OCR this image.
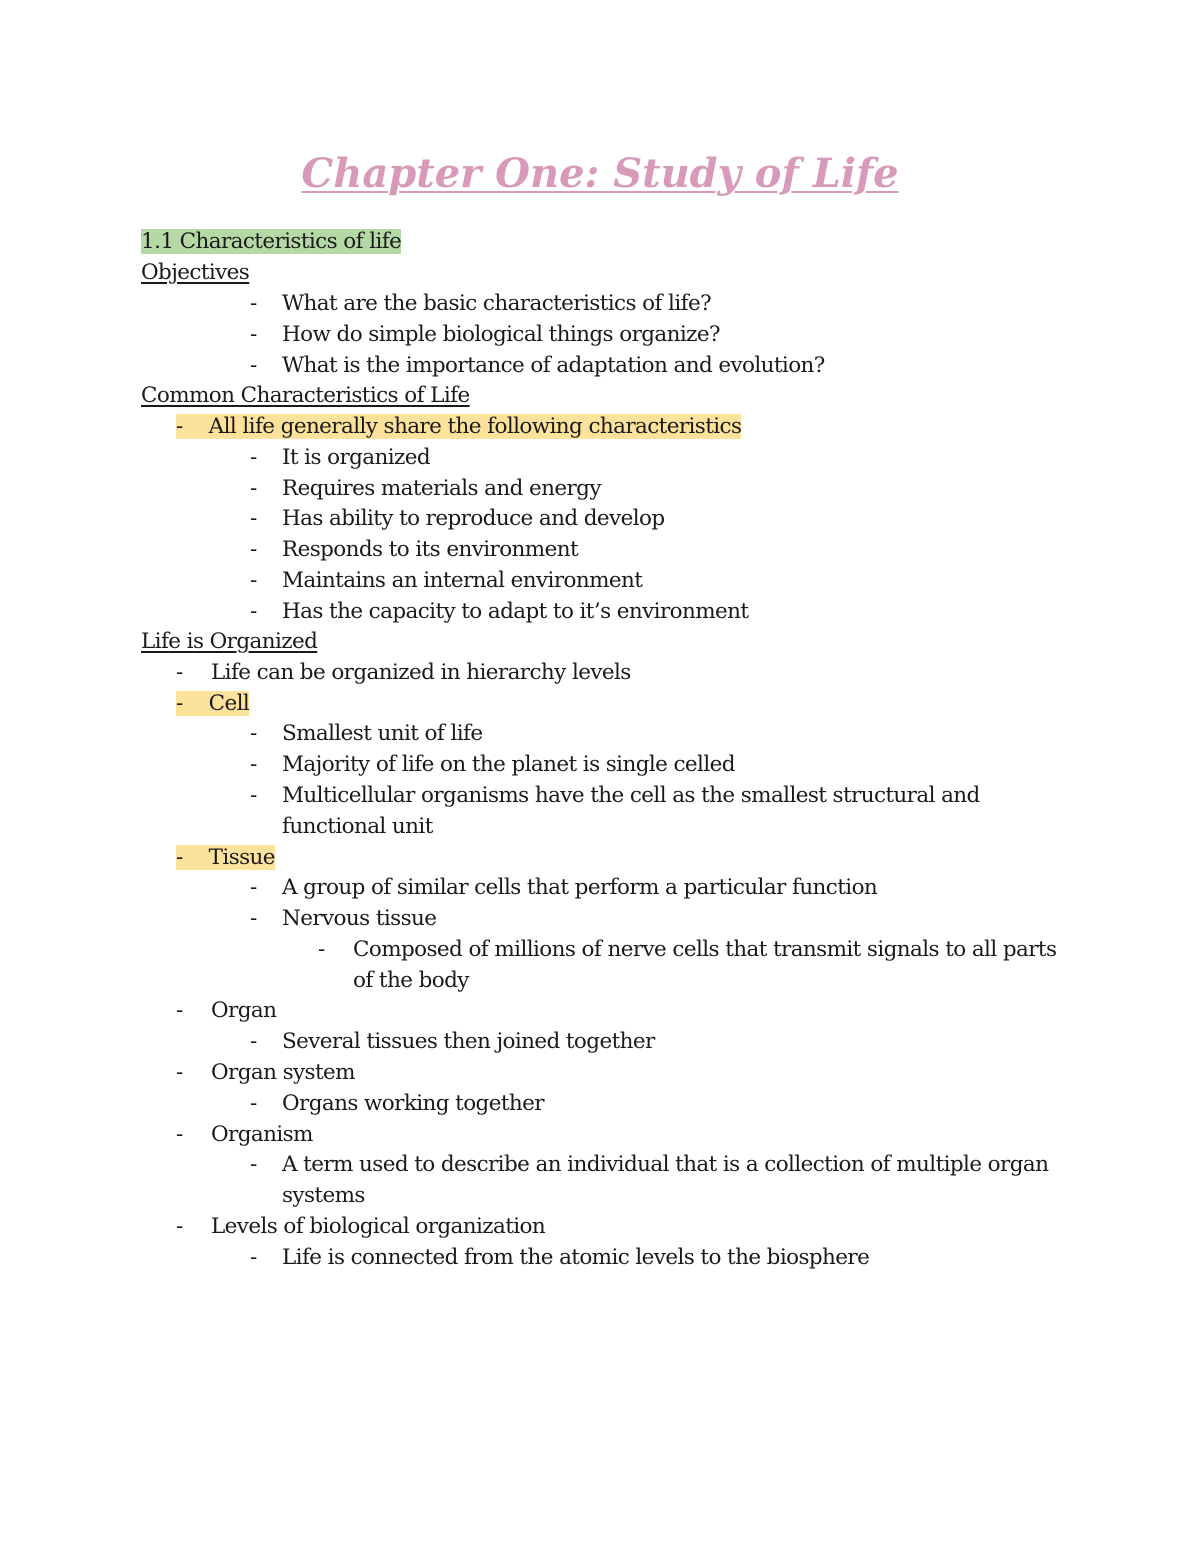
Chapter One: Study of Life
1.1 Characteristics of life
Objectives
- What are the basic characteristics of life?
- How do simple biological things organize?
- What is the importance of adaptation and evolution?
Common Characteristics of Life
- All life generally share the following characteristics
- It is organized
- Requires materials and energy
- Has ability to reproduce and develop
- Responds to its environment
- Maintains an internal environment
- Has the capacity to adapt to it’s environment
Life is Organized
- Life can be organized in hierarchy levels
- Cell
- Smallest unit of life
- Majority of life on the planet is single celled
- Multicellular organisms have the cell as the smallest structural and
functional unit
- Tissue
- A group of similar cells that perform a particular function
- Nervous tissue
- Composed of millions of nerve cells that transmit signals to all parts
of the body
- Organ
- Several tissues then joined together
- Organ system
- Organs working together
- Organism
- A term used to describe an individual that is a collection of multiple organ
systems
- Levels of biological organization
- Life is connected from the atomic levels to the biosphere
